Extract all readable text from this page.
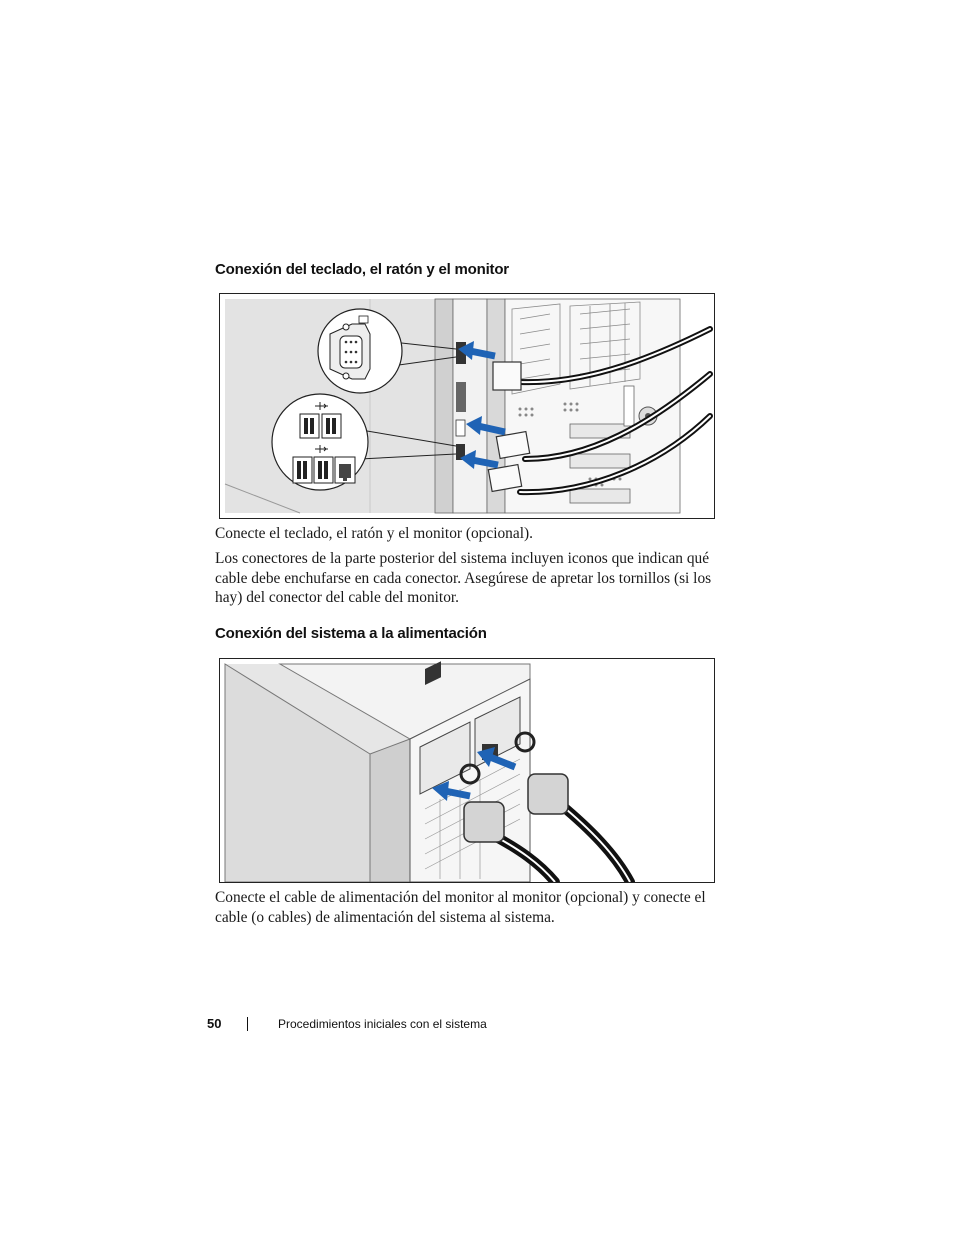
Conexión del teclado, el ratón y el monitor

Conecte el teclado, el ratón y el monitor (opcional).

Los conectores de la parte posterior del sistema incluyen iconos que indican qué cable debe enchufarse en cada conector. Asegúrese de apretar los tornillos (si los hay) del conector del cable del monitor.

Conexión del sistema a la alimentación

Conecte el cable de alimentación del monitor al monitor (opcional) y conecte el cable (o cables) de alimentación del sistema al sistema.

50	Procedimientos iniciales con el sistema
